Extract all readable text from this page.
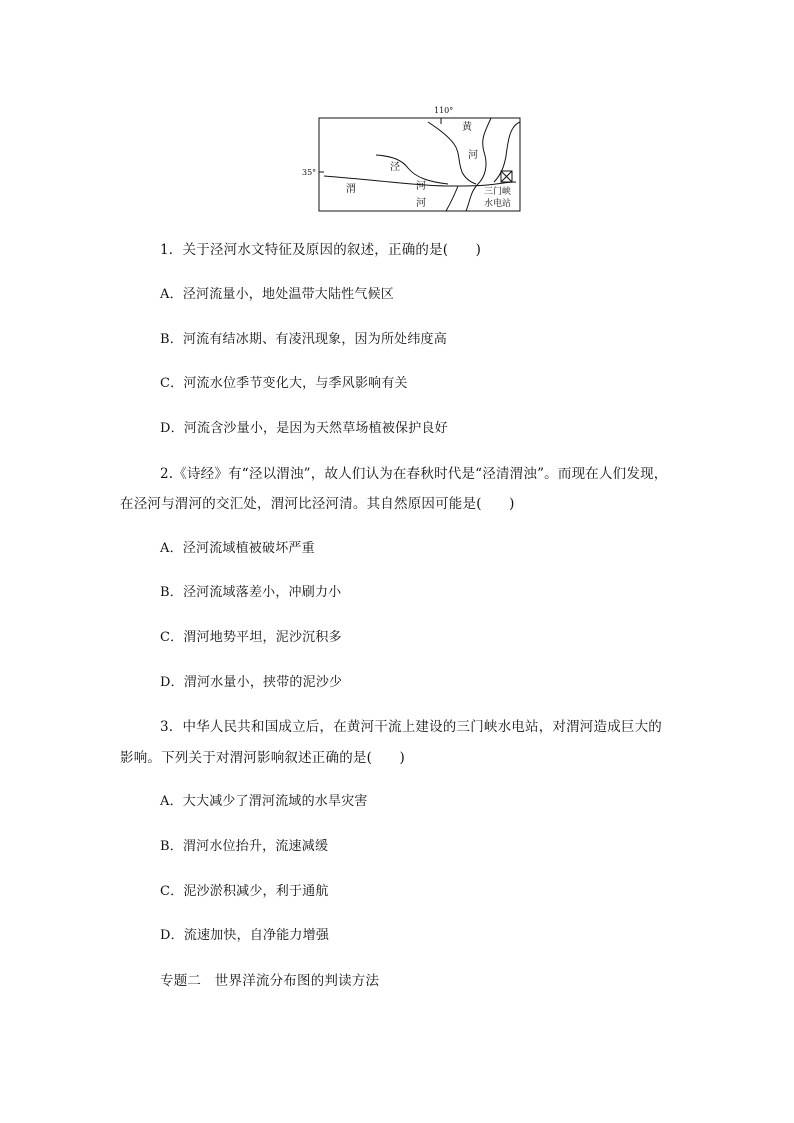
110°
35°
黄
河
泾
河
渭
河
三门峡
水电站
1．关于泾河水文特征及原因的叙述，正确的是(　　)
A．泾河流量小，地处温带大陆性气候区
B．河流有结冰期、有凌汛现象，因为所处纬度高
C．河流水位季节变化大，与季风影响有关
D．河流含沙量小，是因为天然草场植被保护良好
2.《诗经》有“泾以渭浊”，故人们认为在春秋时代是“泾清渭浊”。而现在人们发现，
在泾河与渭河的交汇处，渭河比泾河清。其自然原因可能是(　　)
A．泾河流域植被破坏严重
B．泾河流域落差小，冲刷力小
C．渭河地势平坦，泥沙沉积多
D．渭河水量小，挟带的泥沙少
3．中华人民共和国成立后，在黄河干流上建设的三门峡水电站，对渭河造成巨大的
影响。下列关于对渭河影响叙述正确的是(　　)
A．大大减少了渭河流域的水旱灾害
B．渭河水位抬升，流速减缓
C．泥沙淤积减少，利于通航
D．流速加快，自净能力增强
专题二　世界洋流分布图的判读方法
